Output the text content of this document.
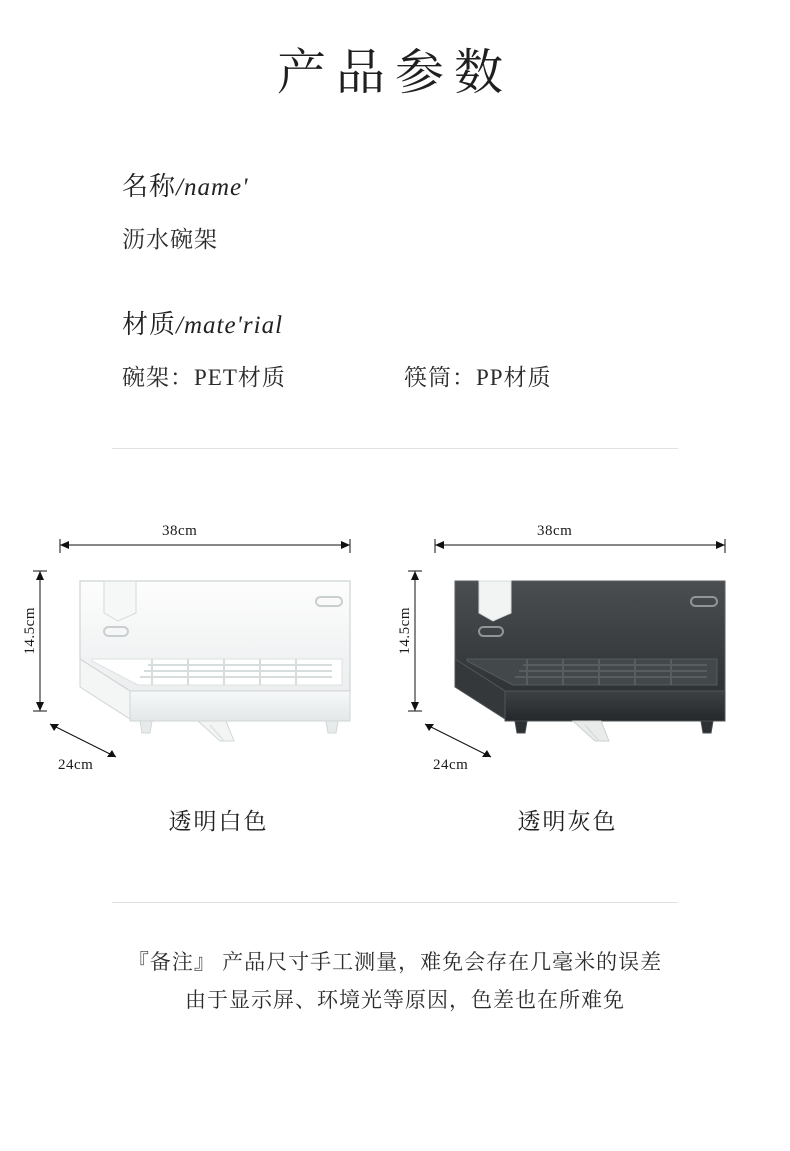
产品参数
名称/name'
沥水碗架
材质/mate'rial
碗架：PET材质	筷筒：PP材质
38cm
14.5cm
24cm
透明白色
38cm
14.5cm
24cm
透明灰色
『备注』 产品尺寸手工测量，难免会存在几毫米的误差
由于显示屏、环境光等原因，色差也在所难免
